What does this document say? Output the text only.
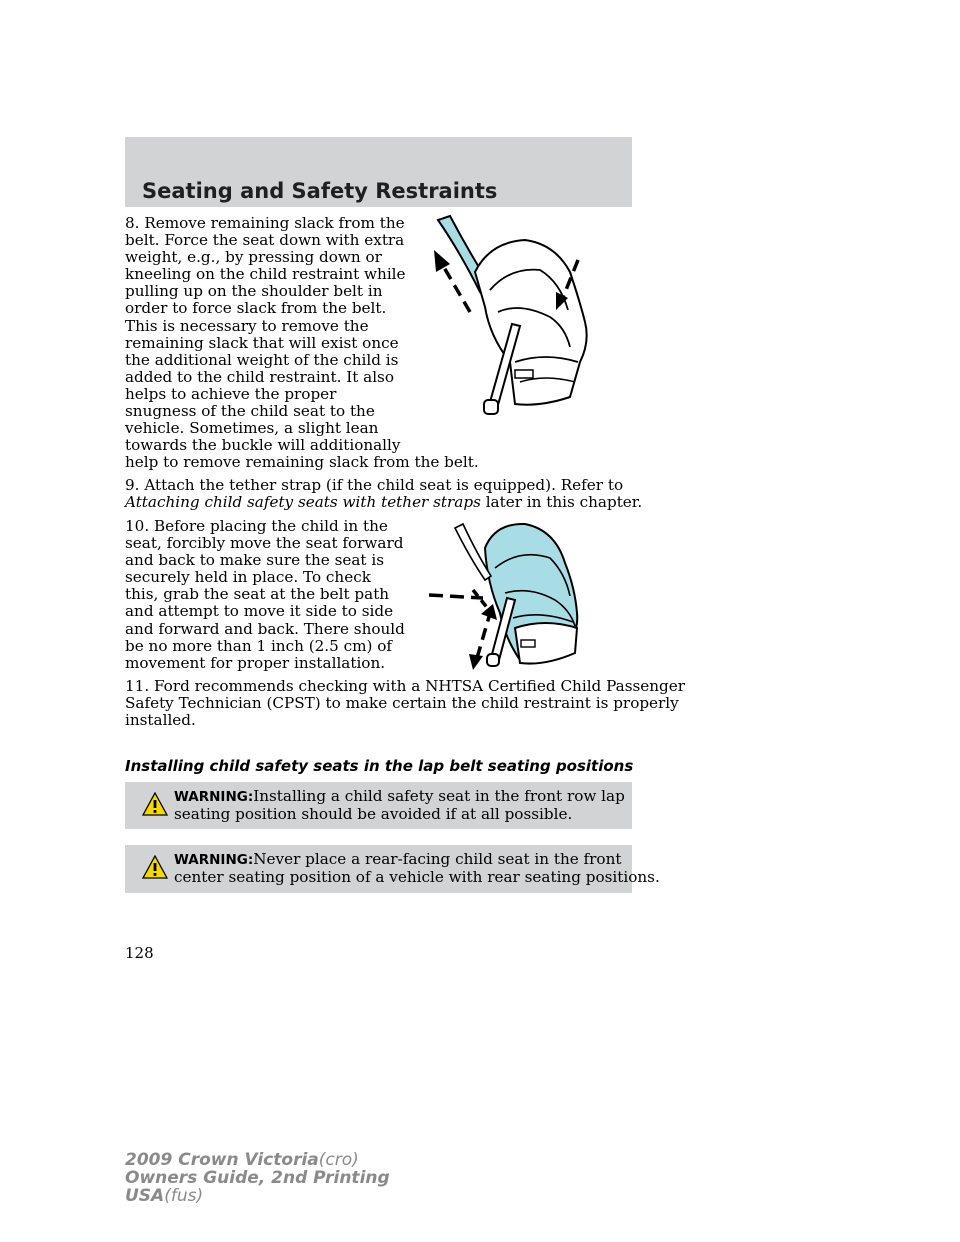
Seating and Safety Restraints
8. Remove remaining slack from the
belt. Force the seat down with extra
weight, e.g., by pressing down or
kneeling on the child restraint while
pulling up on the shoulder belt in
order to force slack from the belt.
This is necessary to remove the
remaining slack that will exist once
the additional weight of the child is
added to the child restraint. It also
helps to achieve the proper
snugness of the child seat to the
vehicle. Sometimes, a slight lean
towards the buckle will additionally
help to remove remaining slack from the belt.
9. Attach the tether strap (if the child seat is equipped). Refer to
Attaching child safety seats with tether straps later in this chapter.
10. Before placing the child in the
seat, forcibly move the seat forward
and back to make sure the seat is
securely held in place. To check
this, grab the seat at the belt path
and attempt to move it side to side
and forward and back. There should
be no more than 1 inch (2.5 cm) of
movement for proper installation.
11. Ford recommends checking with a NHTSA Certified Child Passenger
Safety Technician (CPST) to make certain the child restraint is properly
installed.
Installing child safety seats in the lap belt seating positions
WARNING:Installing a child safety seat in the front row lap
seating position should be avoided if at all possible.
WARNING:Never place a rear-facing child seat in the front
center seating position of a vehicle with rear seating positions.
128
2009 Crown Victoria(cro)
Owners Guide, 2nd Printing
USA(fus)
